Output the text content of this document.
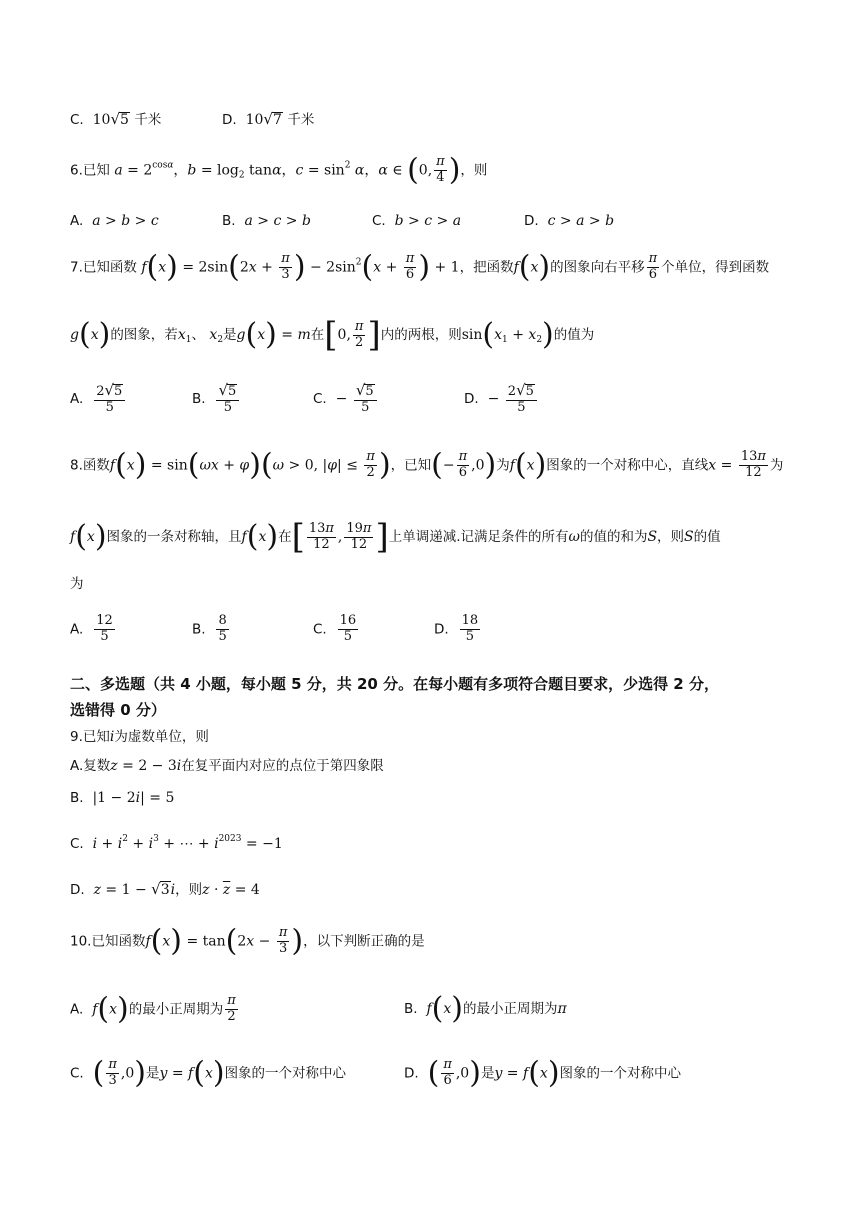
C.  10√5 千米	D.  10√7 千米
6.已知 $a = 2^{cos\alpha}$，$b = \log_2 \tan\alpha$，$c = \sin^2 \alpha$，α ∈ (0, $\frac{\pi}{4}$ )，则
A. a > b > c	B. a > c > b	C. b > c > a	D. c > a > b
7.已知函数 $f(x) = 2\sin(2x + \frac{\pi}{3}$ ) − $2\sin^2(x + \frac{\pi}{6}$ ) + 1，把函数f(x)的图象向右平移 $\frac{\pi}{6}$ 个单位，得到函数
g(x)的图象，若$x_1$、 $x_2$是g(x) = m在[0, $\frac{\pi}{2}$ ]内的两根，则$\sin(x_1 + x_2)$的值为
A. $\frac{2√5}{5}$	B. $\frac{√5}{5}$	C.  − $\frac{√5}{5}$	D.  − $\frac{2√5}{5}$
8.函数f(x) = sin(ωx + φ)(ω > 0, $|\varphi| \le \frac{\pi}{2}$ )，已知(− $\frac{\pi}{6} ,0$)为f(x)图象的一个对称中心，直线$x = \frac{13\pi}{12}$ 为
f(x)图象的一条对称轴，且f(x)在[ $\frac{13\pi}{12}$ , $\frac{19\pi}{12}$ ]上单调递减.记满足条件的所有ω的值的和为S，则S的值
为
A. $\frac{12}{5}$	B. $\frac{8}{5}$	C. $\frac{16}{5}$	D. $\frac{18}{5}$
二、多选题（共 4 小题，每小题 5 分，共 20 分。在每小题有多项符合题目要求，少选得 2 分，
选错得 0 分）
9.已知i为虚数单位，则
A.复数z = 2 − 3i在复平面内对应的点位于第四象限
B.  |1 − 2i| = 5
C. $i + i^2 + i^3$ + ⋯ + $i^{2023} = -1$
D. z = 1 − √3i，则$z \cdot \overline{z} = 4$
10.已知函数$f(x) = \tan(2x - \frac{\pi}{3}$ )，以下判断正确的是
A. f(x)的最小正周期为 $\frac{\pi}{2}$	B. f(x)的最小正周期为π
C. ( $\frac{\pi}{3} ,0$)是y = f(x)图象的一个对称中心	D. ( $\frac{\pi}{6} ,0$)是y = f(x)图象的一个对称中心
